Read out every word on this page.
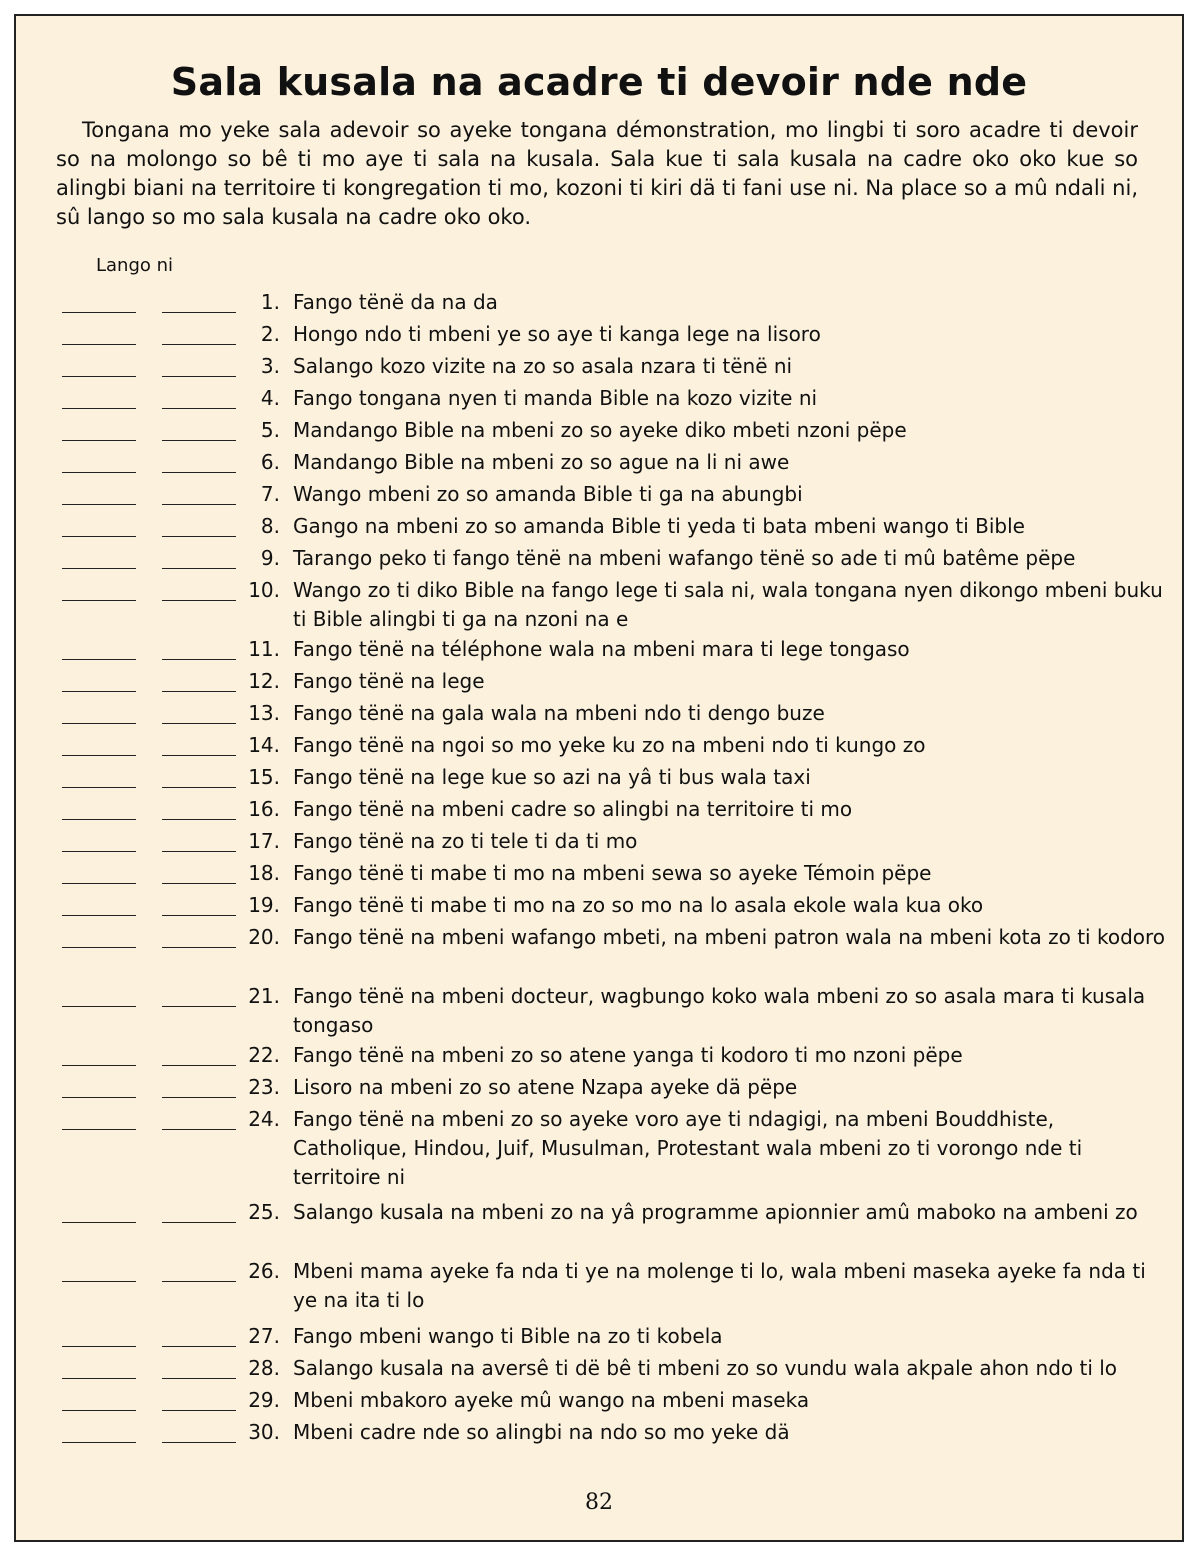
Sala kusala na acadre ti devoir nde nde

Tongana mo yeke sala adevoir so ayeke tongana démonstration, mo lingbi ti soro acadre ti devoir so na molongo so bê ti mo aye ti sala na kusala. Sala kue ti sala kusala na cadre oko oko kue so alingbi biani na territoire ti kongregation ti mo, kozoni ti kiri dä ti fani use ni. Na place so a mû ndali ni, sû lango so mo sala kusala na cadre oko oko.

Lango ni
1. Fango tënë da na da
2. Hongo ndo ti mbeni ye so aye ti kanga lege na lisoro
3. Salango kozo vizite na zo so asala nzara ti tënë ni
4. Fango tongana nyen ti manda Bible na kozo vizite ni
5. Mandango Bible na mbeni zo so ayeke diko mbeti nzoni pëpe
6. Mandango Bible na mbeni zo so ague na li ni awe
7. Wango mbeni zo so amanda Bible ti ga na abungbi
8. Gango na mbeni zo so amanda Bible ti yeda ti bata mbeni wango ti Bible
9. Tarango peko ti fango tënë na mbeni wafango tënë so ade ti mû batême pëpe
10. Wango zo ti diko Bible na fango lege ti sala ni, wala tongana nyen dikongo mbeni buku ti Bible alingbi ti ga na nzoni na e
11. Fango tënë na téléphone wala na mbeni mara ti lege tongaso
12. Fango tënë na lege
13. Fango tënë na gala wala na mbeni ndo ti dengo buze
14. Fango tënë na ngoi so mo yeke ku zo na mbeni ndo ti kungo zo
15. Fango tënë na lege kue so azi na yâ ti bus wala taxi
16. Fango tënë na mbeni cadre so alingbi na territoire ti mo
17. Fango tënë na zo ti tele ti da ti mo
18. Fango tënë ti mabe ti mo na mbeni sewa so ayeke Témoin pëpe
19. Fango tënë ti mabe ti mo na zo so mo na lo asala ekole wala kua oko
20. Fango tënë na mbeni wafango mbeti, na mbeni patron wala na mbeni kota zo ti kodoro
21. Fango tënë na mbeni docteur, wagbungo koko wala mbeni zo so asala mara ti kusala tongaso
22. Fango tënë na mbeni zo so atene yanga ti kodoro ti mo nzoni pëpe
23. Lisoro na mbeni zo so atene Nzapa ayeke dä pëpe
24. Fango tënë na mbeni zo so ayeke voro aye ti ndagigi, na mbeni Bouddhiste, Catholique, Hindou, Juif, Musulman, Protestant wala mbeni zo ti vorongo nde ti territoire ni
25. Salango kusala na mbeni zo na yâ programme apionnier amû maboko na ambeni zo
26. Mbeni mama ayeke fa nda ti ye na molenge ti lo, wala mbeni maseka ayeke fa nda ti ye na ita ti lo
27. Fango mbeni wango ti Bible na zo ti kobela
28. Salango kusala na aversê ti dë bê ti mbeni zo so vundu wala akpale ahon ndo ti lo
29. Mbeni mbakoro ayeke mû wango na mbeni maseka
30. Mbeni cadre nde so alingbi na ndo so mo yeke dä
82
